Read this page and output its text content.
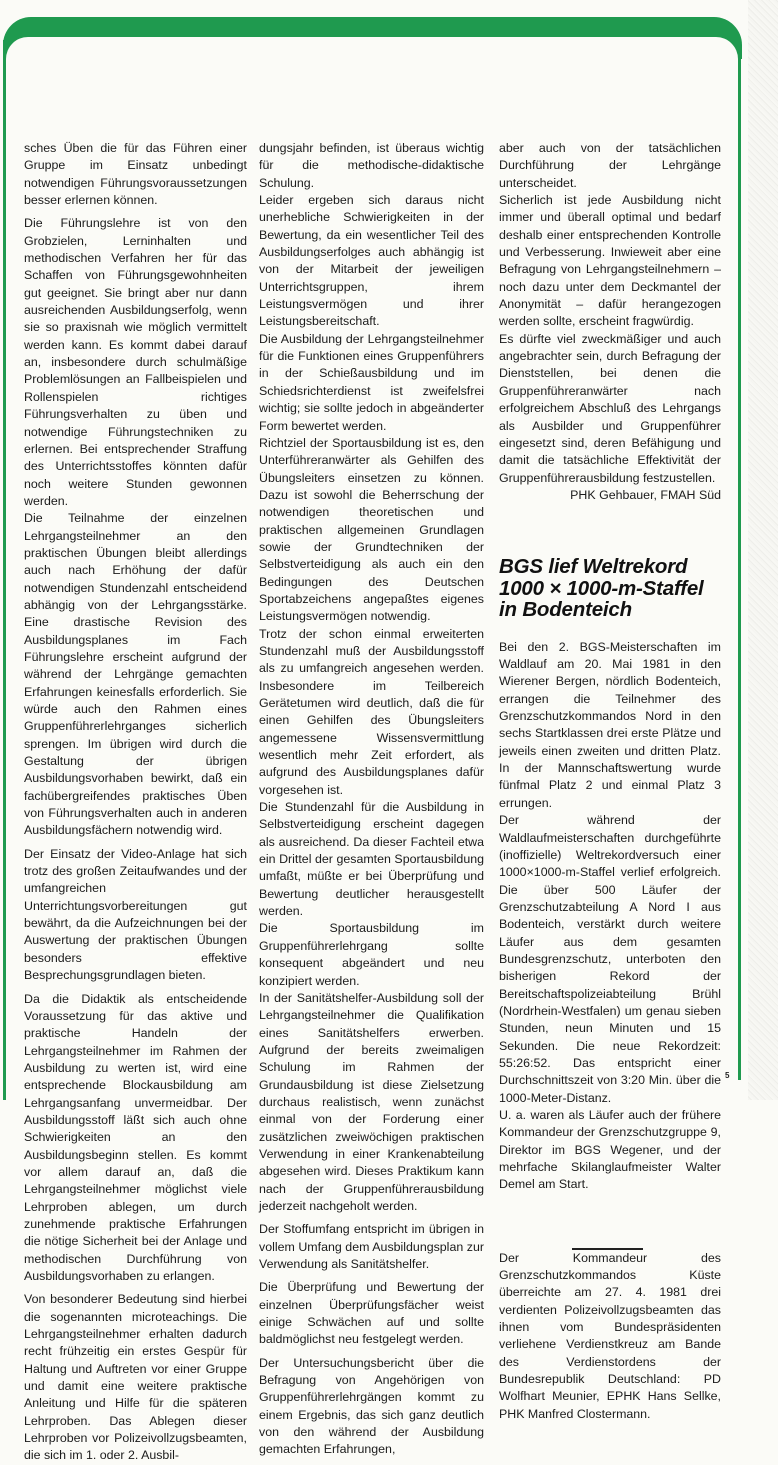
sches Üben die für das Führen einer Gruppe im Einsatz unbedingt notwendigen Führungsvoraussetzungen besser erlernen können.

Die Führungslehre ist von den Grobzielen, Lerninhalten und methodischen Verfahren her für das Schaffen von Führungsgewohnheiten gut geeignet. Sie bringt aber nur dann ausreichenden Ausbildungserfolg, wenn sie so praxisnah wie möglich vermittelt werden kann. Es kommt dabei darauf an, insbesondere durch schulmäßige Problemlösungen an Fallbeispielen und Rollenspielen richtiges Führungsverhalten zu üben und notwendige Führungstechniken zu erlernen. Bei entsprechender Straffung des Unterrichtsstoffes könnten dafür noch weitere Stunden gewonnen werden.

Die Teilnahme der einzelnen Lehrgangsteilnehmer an den praktischen Übungen bleibt allerdings auch nach Erhöhung der dafür notwendigen Stundenzahl entscheidend abhängig von der Lehrgangsstärke. Eine drastische Revision des Ausbildungsplanes im Fach Führungslehre erscheint aufgrund der während der Lehrgänge gemachten Erfahrungen keinesfalls erforderlich. Sie würde auch den Rahmen eines Gruppenführerlehrganges sicherlich sprengen. Im übrigen wird durch die Gestaltung der übrigen Ausbildungsvorhaben bewirkt, daß ein fachübergreifendes praktisches Üben von Führungsverhalten auch in anderen Ausbildungsfächern notwendig wird.

Der Einsatz der Video-Anlage hat sich trotz des großen Zeitaufwandes und der umfangreichen Unterrichtungsvorbereitungen gut bewährt, da die Aufzeichnungen bei der Auswertung der praktischen Übungen besonders effektive Besprechungsgrundlagen bieten.

Da die Didaktik als entscheidende Voraussetzung für das aktive und praktische Handeln der Lehrgangsteilnehmer im Rahmen der Ausbildung zu werten ist, wird eine entsprechende Blockausbildung am Lehrgangsanfang unvermeidbar. Der Ausbildungsstoff läßt sich auch ohne Schwierigkeiten an den Ausbildungsbeginn stellen. Es kommt vor allem darauf an, daß die Lehrgangsteilnehmer möglichst viele Lehrproben ablegen, um durch zunehmende praktische Erfahrungen die nötige Sicherheit bei der Anlage und methodischen Durchführung von Ausbildungsvorhaben zu erlangen.

Von besonderer Bedeutung sind hierbei die sogenannten microteachings. Die Lehrgangsteilnehmer erhalten dadurch recht frühzeitig ein erstes Gespür für Haltung und Auftreten vor einer Gruppe und damit eine weitere praktische Anleitung und Hilfe für die späteren Lehrproben. Das Ablegen dieser Lehrproben vor Polizeivollzugsbeamten, die sich im 1. oder 2. Ausbil-

dungsjahr befinden, ist überaus wichtig für die methodische-didaktische Schulung.

Leider ergeben sich daraus nicht unerhebliche Schwierigkeiten in der Bewertung, da ein wesentlicher Teil des Ausbildungserfolges auch abhängig ist von der Mitarbeit der jeweiligen Unterrichtsgruppen, ihrem Leistungsvermögen und ihrer Leistungsbereitschaft.

Die Ausbildung der Lehrgangsteilnehmer für die Funktionen eines Gruppenführers in der Schießausbildung und im Schiedsrichterdienst ist zweifelsfrei wichtig; sie sollte jedoch in abgeänderter Form bewertet werden.

Richtziel der Sportausbildung ist es, den Unterführeranwärter als Gehilfen des Übungsleiters einsetzen zu können. Dazu ist sowohl die Beherrschung der notwendigen theoretischen und praktischen allgemeinen Grundlagen sowie der Grundtechniken der Selbstverteidigung als auch ein den Bedingungen des Deutschen Sportabzeichens angepaßtes eigenes Leistungsvermögen notwendig.

Trotz der schon einmal erweiterten Stundenzahl muß der Ausbildungsstoff als zu umfangreich angesehen werden. Insbesondere im Teilbereich Gerätetumen wird deutlich, daß die für einen Gehilfen des Übungsleiters angemessene Wissensvermittlung wesentlich mehr Zeit erfordert, als aufgrund des Ausbildungsplanes dafür vorgesehen ist.

Die Stundenzahl für die Ausbildung in Selbstverteidigung erscheint dagegen als ausreichend. Da dieser Fachteil etwa ein Drittel der gesamten Sportausbildung umfaßt, müßte er bei Überprüfung und Bewertung deutlicher herausgestellt werden.

Die Sportausbildung im Gruppenführerlehrgang sollte konsequent abgeändert und neu konzipiert werden.

In der Sanitätshelfer-Ausbildung soll der Lehrgangsteilnehmer die Qualifikation eines Sanitätshelfers erwerben. Aufgrund der bereits zweimaligen Schulung im Rahmen der Grundausbildung ist diese Zielsetzung durchaus realistisch, wenn zunächst einmal von der Forderung einer zusätzlichen zweiwöchigen praktischen Verwendung in einer Krankenabteilung abgesehen wird. Dieses Praktikum kann nach der Gruppenführerausbildung jederzeit nachgeholt werden.

Der Stoffumfang entspricht im übrigen in vollem Umfang dem Ausbildungsplan zur Verwendung als Sanitätshelfer.

Die Überprüfung und Bewertung der einzelnen Überprüfungsfächer weist einige Schwächen auf und sollte baldmöglichst neu festgelegt werden.

Der Untersuchungsbericht über die Befragung von Angehörigen von Gruppenführerlehrgängen kommt zu einem Ergebnis, das sich ganz deutlich von den während der Ausbildung gemachten Erfahrungen,

aber auch von der tatsächlichen Durchführung der Lehrgänge unterscheidet.

Sicherlich ist jede Ausbildung nicht immer und überall optimal und bedarf deshalb einer entsprechenden Kontrolle und Verbesserung. Inwieweit aber eine Befragung von Lehrgangsteilnehmern – noch dazu unter dem Deckmantel der Anonymität – dafür herangezogen werden sollte, erscheint fragwürdig.

Es dürfte viel zweckmäßiger und auch angebrachter sein, durch Befragung der Dienststellen, bei denen die Gruppenführeranwärter nach erfolgreichem Abschluß des Lehrgangs als Ausbilder und Gruppenführer eingesetzt sind, deren Befähigung und damit die tatsächliche Effektivität der Gruppenführerausbildung festzustellen.

PHK Gehbauer, FMAH Süd

BGS lief Weltrekord
1000 × 1000-m-Staffel
in Bodenteich

Bei den 2. BGS-Meisterschaften im Waldlauf am 20. Mai 1981 in den Wierener Bergen, nördlich Bodenteich, errangen die Teilnehmer des Grenzschutzkommandos Nord in den sechs Startklassen drei erste Plätze und jeweils einen zweiten und dritten Platz. In der Mannschaftswertung wurde fünfmal Platz 2 und einmal Platz 3 errungen.

Der während der Waldlaufmeisterschaften durchgeführte (inoffizielle) Weltrekordversuch einer 1000×1000-m-Staffel verlief erfolgreich. Die über 500 Läufer der Grenzschutzabteilung A Nord I aus Bodenteich, verstärkt durch weitere Läufer aus dem gesamten Bundesgrenzschutz, unterboten den bisherigen Rekord der Bereitschaftspolizeiabteilung Brühl (Nordrhein-Westfalen) um genau sieben Stunden, neun Minuten und 15 Sekunden. Die neue Rekordzeit: 55:26:52. Das entspricht einer Durchschnittszeit von 3:20 Min. über die 1000-Meter-Distanz.

U. a. waren als Läufer auch der frühere Kommandeur der Grenzschutzgruppe 9, Direktor im BGS Wegener, und der mehrfache Skilanglaufmeister Walter Demel am Start.

Der Kommandeur des Grenzschutzkommandos Küste überreichte am 27. 4. 1981 drei verdienten Polizeivollzugsbeamten das ihnen vom Bundespräsidenten verliehene Verdienstkreuz am Bande des Verdienstordens der Bundesrepublik Deutschland: PD Wolfhart Meunier, EPHK Hans Sellke, PHK Manfred Clostermann.

5
